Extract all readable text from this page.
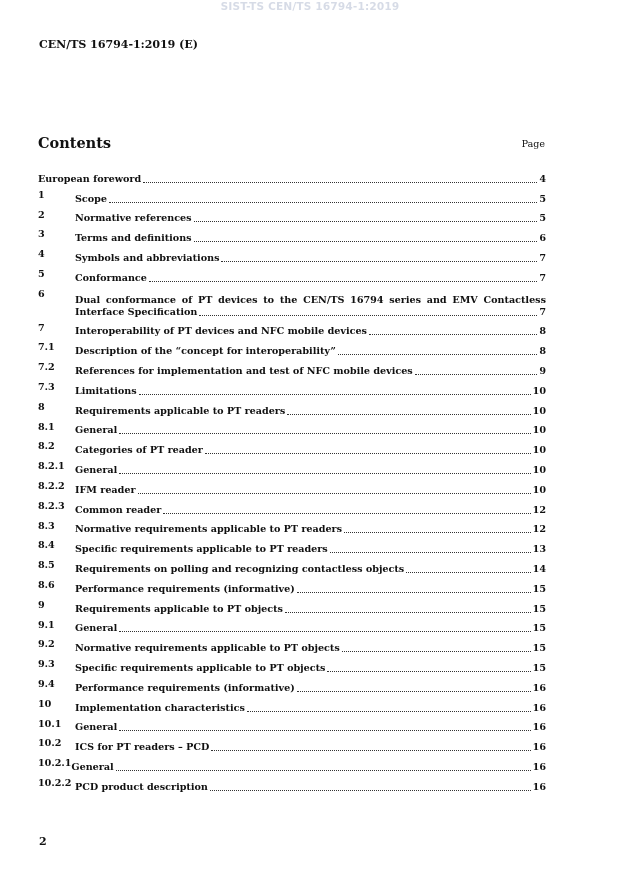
SIST-TS CEN/TS 16794-1:2019
CEN/TS 16794-1:2019 (E)
Contents	Page
European foreword	4
1	Scope	5
2	Normative references	5
3	Terms and definitions	6
4	Symbols and abbreviations	7
5	Conformance	7
6
Dual conformance of PT devices to the CEN/TS 16794 series and EMV Contactless
Interface Specification	7
7	Interoperability of PT devices and NFC mobile devices	8
7.1	Description of the “concept for interoperability”	8
7.2	References for implementation and test of NFC mobile devices	9
7.3	Limitations	10
8	Requirements applicable to PT readers	10
8.1	General	10
8.2	Categories of PT reader	10
8.2.1	General	10
8.2.2	IFM reader	10
8.2.3	Common reader	12
8.3	Normative requirements applicable to PT readers	12
8.4	Specific requirements applicable to PT readers	13
8.5	Requirements on polling and recognizing contactless objects	14
8.6	Performance requirements (informative)	15
9	Requirements applicable to PT objects	15
9.1	General	15
9.2	Normative requirements applicable to PT objects	15
9.3	Specific requirements applicable to PT objects	15
9.4	Performance requirements (informative)	16
10	Implementation characteristics	16
10.1	General	16
10.2	ICS for PT readers – PCD	16
10.2.1 General	16
10.2.2 PCD product description	16
2
